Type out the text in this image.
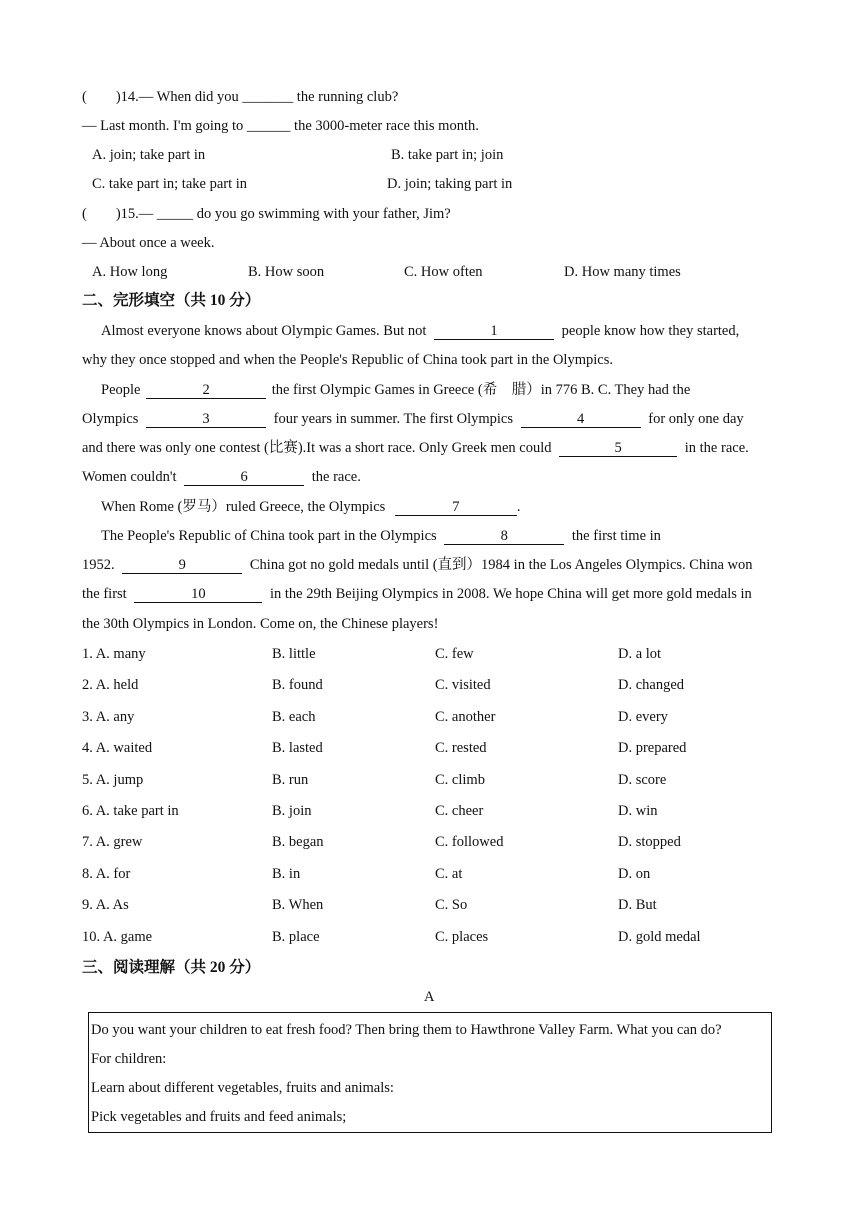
(　　)14.— When did you _______ the running club?
— Last month. I'm going to ______ the 3000-meter race this month.
A. join; take part in	B. take part in; join
C. take part in; take part in	D. join; taking part in
(　　)15.— _____ do you go swimming with your father, Jim?
— About once a week.
A. How long	B. How soon	C. How often	D. How many times
二、完形填空（共 10 分）
Almost everyone knows about Olympic Games. But not	1	people know how they started,
why they once stopped and when the People's Republic of China took part in the Olympics.
People	2	the first Olympic Games in Greece (希　腊）in 776 B. C. They had the
Olympics	3	four years in summer. The first Olympics	4	for only one day
and there was only one contest (比赛).It was a short race. Only Greek men could	5	in the race.
Women couldn't	6	the race.
When Rome (罗马）ruled Greece, the Olympics	7	.
The People's Republic of China took part in the Olympics	8	the first time in
1952.	9	China got no gold medals until (直到）1984 in the Los Angeles Olympics. China won
the first	10	in the 29th Beijing Olympics in 2008. We hope China will get more gold medals in
the 30th Olympics in London. Come on, the Chinese players!
1. A. many	B. little	C. few	D. a lot
2. A. held	B. found	C. visited	D. changed
3. A. any	B. each	C. another	D. every
4. A. waited	B. lasted	C. rested	D. prepared
5. A. jump	B. run	C. climb	D. score
6. A. take part in	B. join	C. cheer	D. win
7. A. grew	B. began	C. followed	D. stopped
8. A. for	B. in	C. at	D. on
9. A. As	B. When	C. So	D. But
10. A. game	B. place	C. places	D. gold medal
三、阅读理解（共 20 分）
A
Do you want your children to eat fresh food? Then bring them to Hawthrone Valley Farm. What you can do?
For children:
Learn about different vegetables, fruits and animals:
Pick vegetables and fruits and feed animals;
